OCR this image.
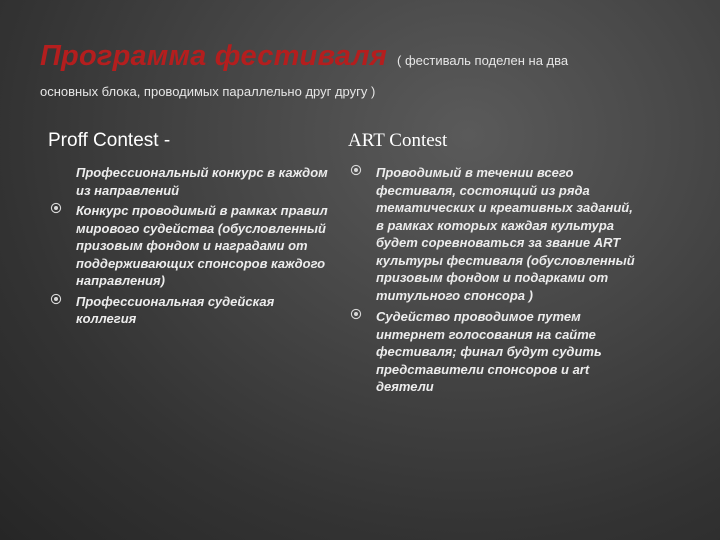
Программа фестиваля ( фестиваль поделен на два
основных блока, проводимых параллельно друг другу )
Proff Contest -
Профессиональный конкурс в каждом из направлений
Конкурс проводимый в рамках правил мирового судейства (обусловленный призовым фондом и наградами от поддерживающих спонсоров каждого направления)
Профессиональная судейская коллегия
ART Contest
Проводимый в течении всего фестиваля, состоящий из ряда тематических и креативных заданий, в рамках которых каждая культура будет соревноваться за звание ART культуры фестиваля (обусловленный призовым фондом и подарками от титульного спонсора )
Судейство проводимое путем интернет голосования на сайте фестиваля; финал будут судить представители спонсоров и art деятели
